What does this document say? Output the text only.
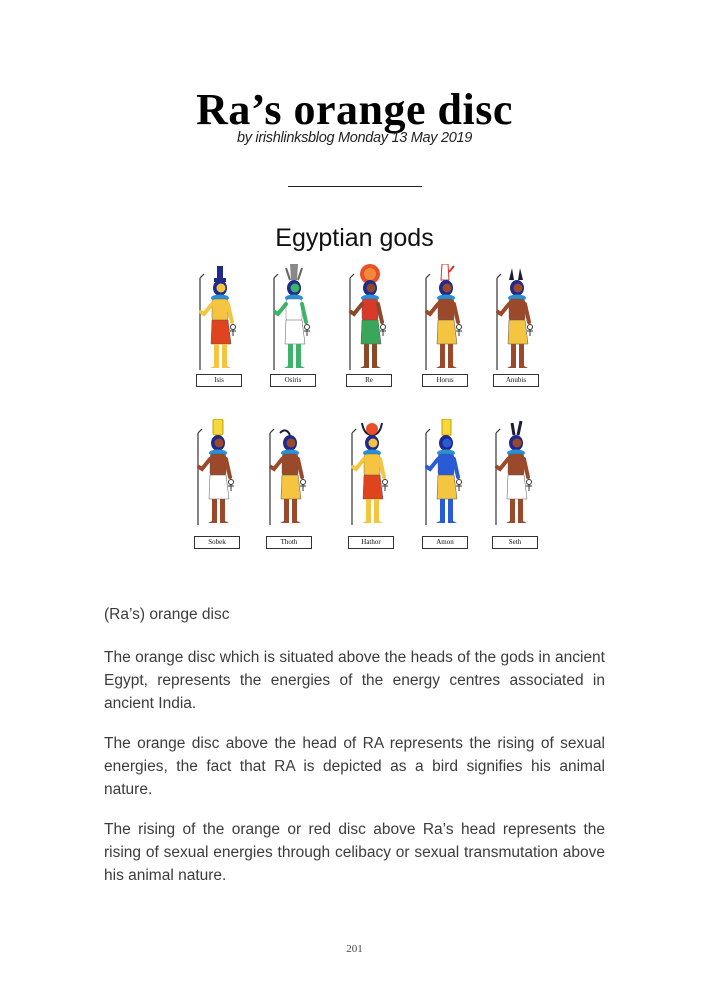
Ra’s orange disc
by irishlinksblog Monday 13 May 2019
Egyptian gods
Isis	Osiris	Re	Horus	Anubis
Sobek	Thoth	Hathor	Amon	Seth
(Ra’s) orange disc

The orange disc which is situated above the heads of the gods in ancient Egypt, represents the energies of the energy centres associated in ancient India.

The orange disc above the head of RA represents the rising of sexual energies, the fact that RA is depicted as a bird signifies his animal nature.

The rising of the orange or red disc above Ra’s head represents the rising of sexual energies through celibacy or sexual transmutation above his animal nature.

201
